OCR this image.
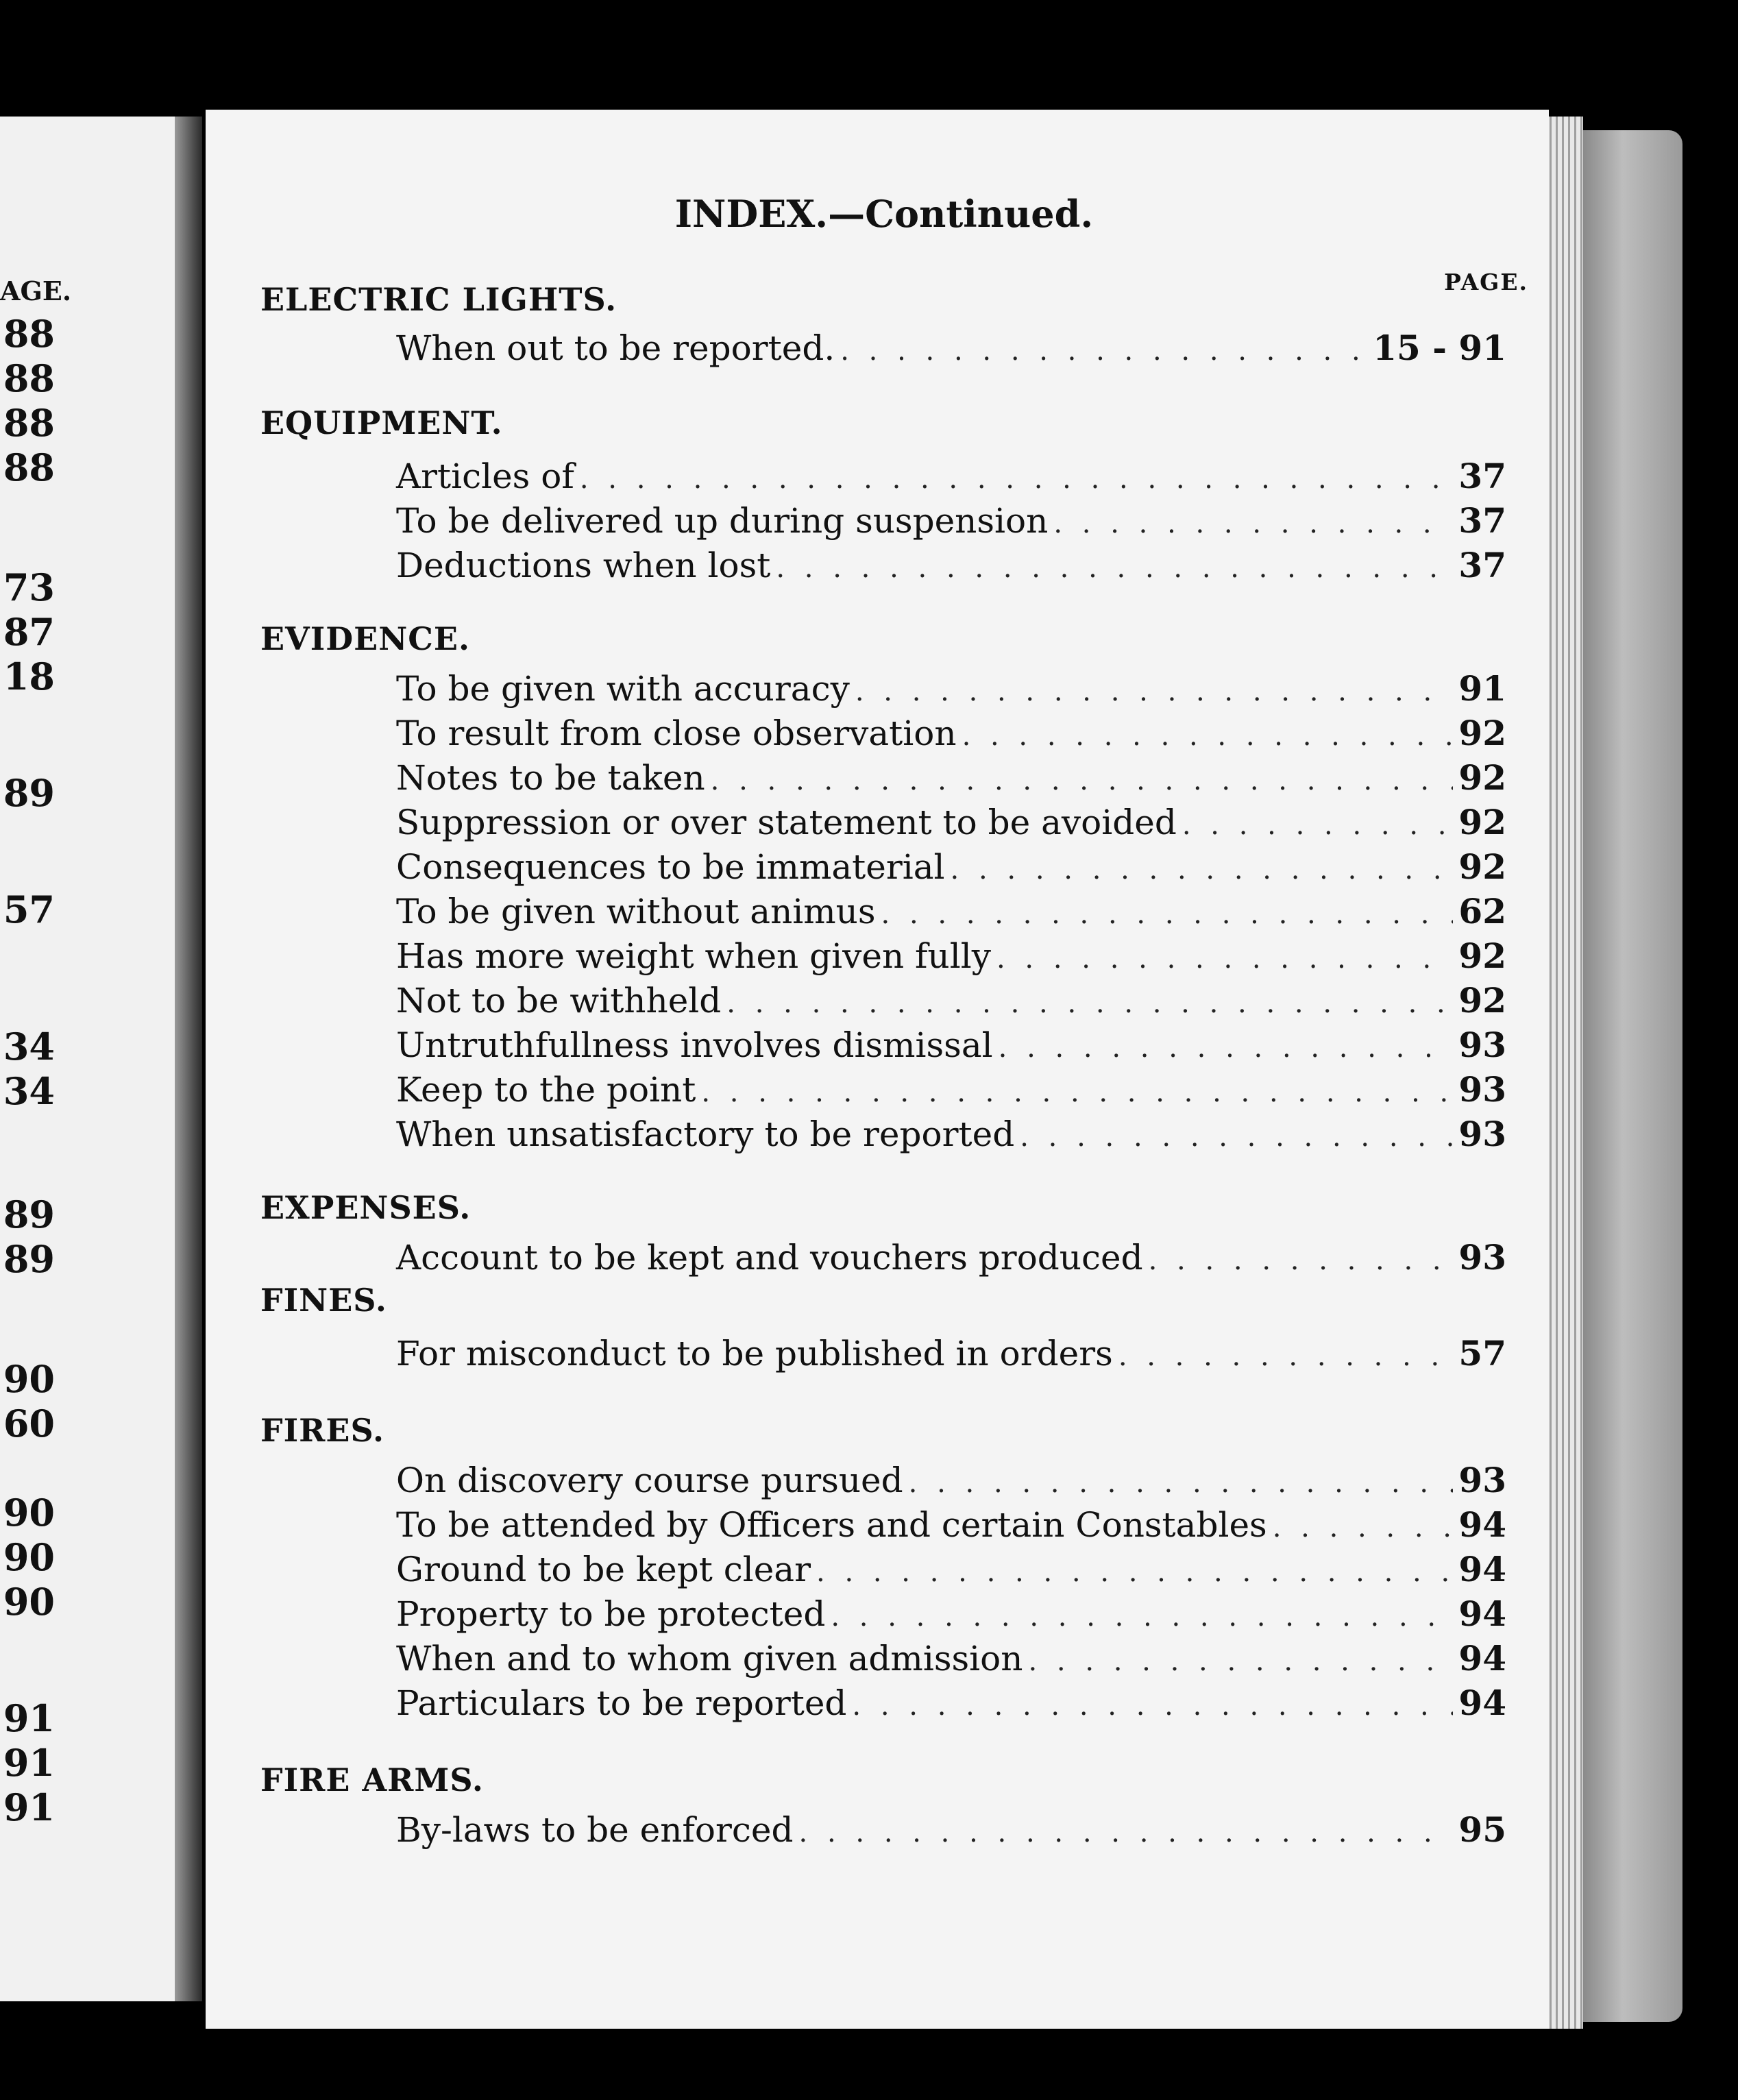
AGE.
88
88
88
88
73
87
18
89
57
34
34
89
89
90
60
90
90
90
91
91
91
INDEX.—Continued.
PAGE.
ELECTRIC LIGHTS.
When out to be reported. . . .	15 - 91
EQUIPMENT.
Articles of . . .	37
To be delivered up during suspension . . .	37
Deductions when lost . . .	37
EVIDENCE.
To be given with accuracy . . .	91
To result from close observation . . .	92
Notes to be taken . . .	92
Suppression or over statement to be avoided . . .	92
Consequences to be immaterial . . .	92
To be given without animus . . .	62
Has more weight when given fully . . .	92
Not to be withheld . . .	92
Untruthfullness involves dismissal . . .	93
Keep to the point . . .	93
When unsatisfactory to be reported . . .	93
EXPENSES.
Account to be kept and vouchers produced . . .	93
FINES.
For misconduct to be published in orders . . .	57
FIRES.
On discovery course pursued . . .	93
To be attended by Officers and certain Constables . . .	94
Ground to be kept clear . . .	94
Property to be protected . . .	94
When and to whom given admission . . .	94
Particulars to be reported . . .	94
FIRE ARMS.
By-laws to be enforced . . .	95
